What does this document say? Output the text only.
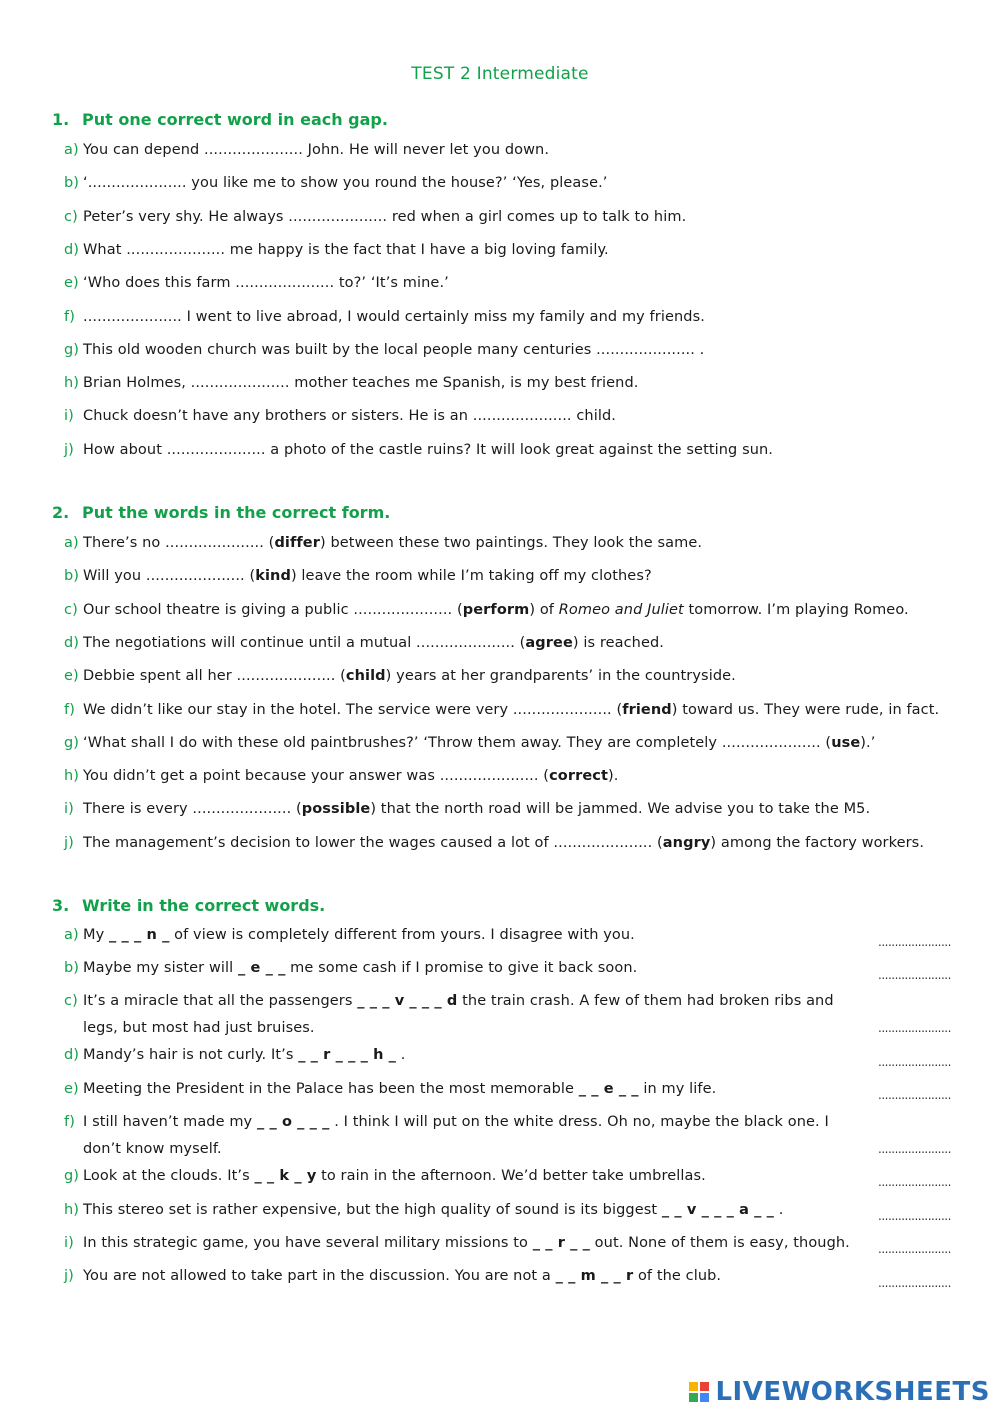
TEST 2 Intermediate
1. Put one correct word in each gap.
a) You can depend ..................... John. He will never let you down.
b) ‘..................... you like me to show you round the house?’ ‘Yes, please.’
c) Peter’s very shy. He always ..................... red when a girl comes up to talk to him.
d) What ..................... me happy is the fact that I have a big loving family.
e) ‘Who does this farm ..................... to?’ ‘It’s mine.’
f) ..................... I went to live abroad, I would certainly miss my family and my friends.
g) This old wooden church was built by the local people many centuries ..................... .
h) Brian Holmes, ..................... mother teaches me Spanish, is my best friend.
i) Chuck doesn’t have any brothers or sisters. He is an ..................... child.
j) How about ..................... a photo of the castle ruins? It will look great against the setting sun.
2. Put the words in the correct form.
a) There’s no ..................... (differ) between these two paintings. They look the same.
b) Will you ..................... (kind) leave the room while I’m taking off my clothes?
c) Our school theatre is giving a public ..................... (perform) of Romeo and Juliet tomorrow. I’m playing Romeo.
d) The negotiations will continue until a mutual ..................... (agree) is reached.
e) Debbie spent all her ..................... (child) years at her grandparents’ in the countryside.
f) We didn’t like our stay in the hotel. The service were very ..................... (friend) toward us. They were rude, in fact.
g) ‘What shall I do with these old paintbrushes?’ ‘Throw them away. They are completely ..................... (use).’
h) You didn’t get a point because your answer was ..................... (correct).
i) There is every ..................... (possible) that the north road will be jammed. We advise you to take the M5.
j) The management’s decision to lower the wages caused a lot of ..................... (angry) among the factory workers.
3. Write in the correct words.
......................
a) My _ _ _ n _ of view is completely different from yours. I disagree with you.
......................
b) Maybe my sister will _ e _ _ me some cash if I promise to give it back soon.
......................
c) It’s a miracle that all the passengers _ _ _ v _ _ _ d the train crash. A few of them had broken ribs and
legs, but most had just bruises.
......................
d) Mandy’s hair is not curly. It’s _ _ r _ _ _ h _ .
......................
e) Meeting the President in the Palace has been the most memorable _ _ e _ _ in my life.
......................
f) I still haven’t made my _ _ o _ _ _ . I think I will put on the white dress. Oh no, maybe the black one. I
don’t know myself.
......................
g) Look at the clouds. It’s _ _ k _ y to rain in the afternoon. We’d better take umbrellas.
......................
h) This stereo set is rather expensive, but the high quality of sound is its biggest _ _ v _ _ _ a _ _ .
......................
i) In this strategic game, you have several military missions to _ _ r _ _ out. None of them is easy, though.
......................
j) You are not allowed to take part in the discussion. You are not a _ _ m _ _ r of the club.
LIVEWORKSHEETS
